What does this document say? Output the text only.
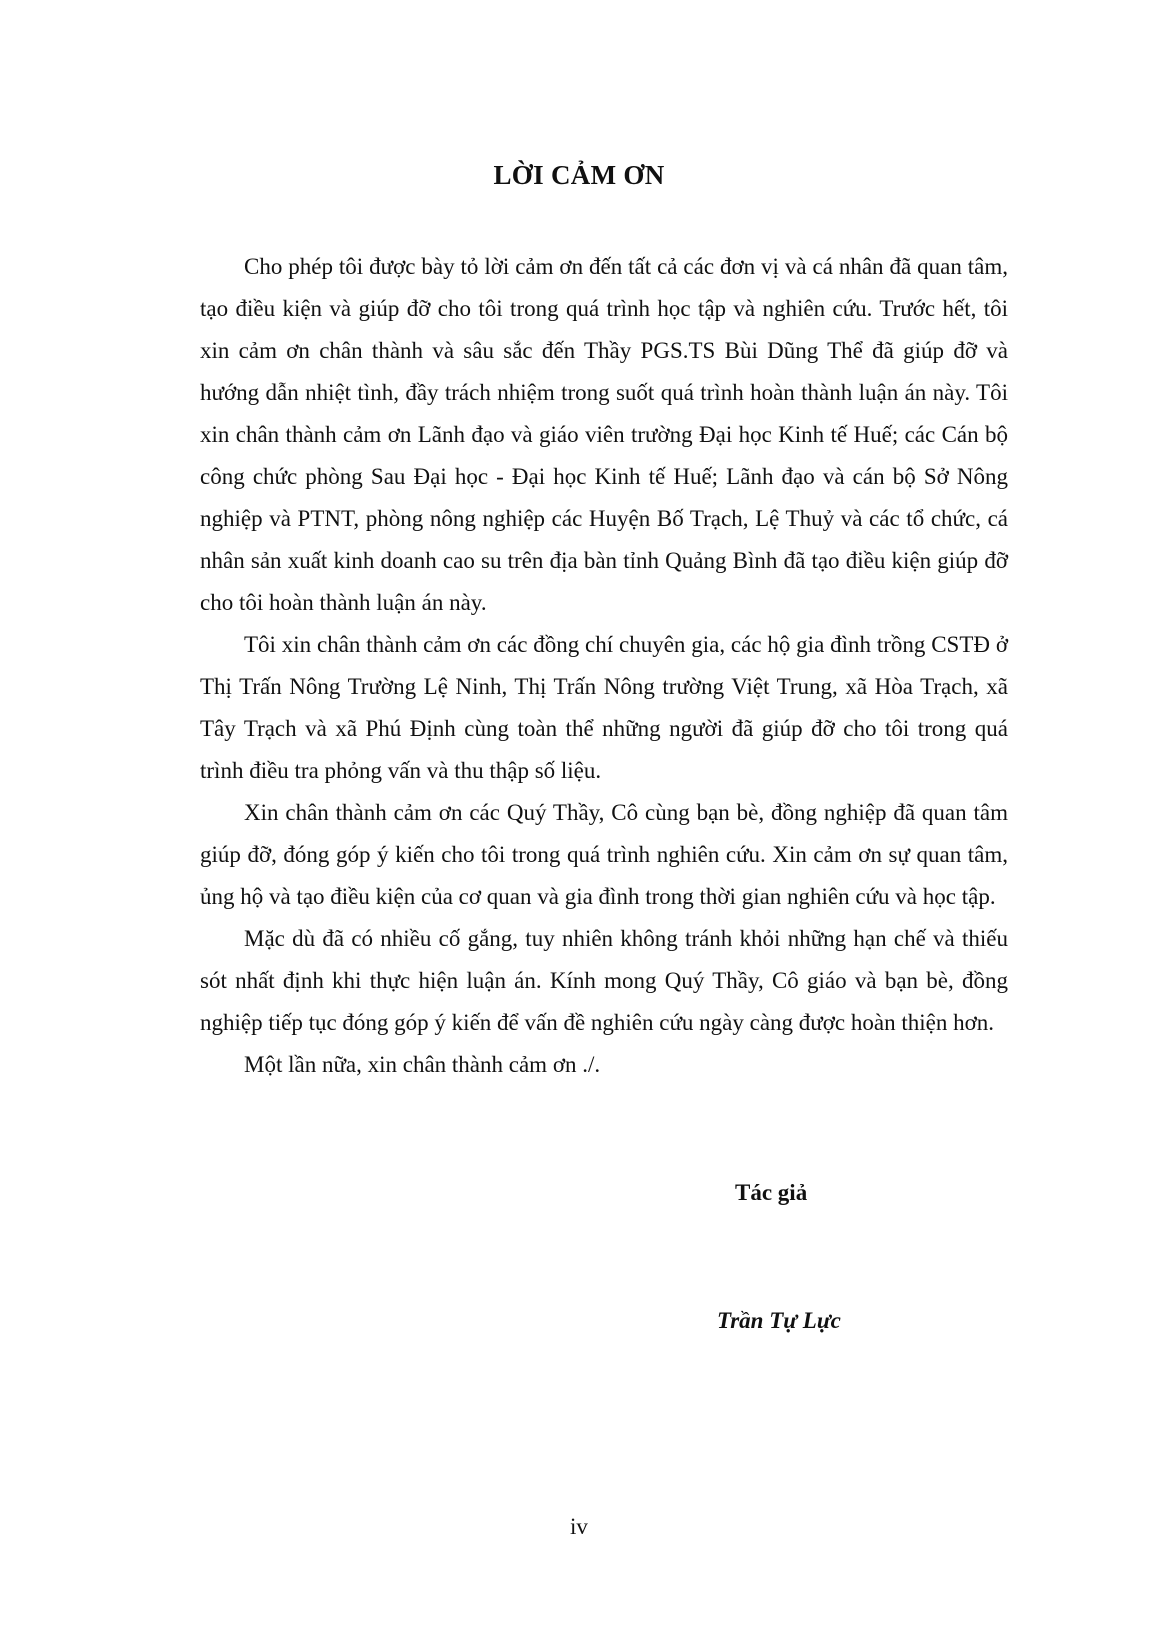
LỜI CẢM ƠN

Cho phép tôi được bày tỏ lời cảm ơn đến tất cả các đơn vị và cá nhân đã quan tâm, tạo điều kiện và giúp đỡ cho tôi trong quá trình học tập và nghiên cứu. Trước hết, tôi xin cảm ơn chân thành và sâu sắc đến Thầy PGS.TS Bùi Dũng Thể đã giúp đỡ và hướng dẫn nhiệt tình, đầy trách nhiệm trong suốt quá trình hoàn thành luận án này. Tôi xin chân thành cảm ơn Lãnh đạo và giáo viên trường Đại học Kinh tế Huế; các Cán bộ công chức phòng Sau Đại học - Đại học Kinh tế Huế; Lãnh đạo và cán bộ Sở Nông nghiệp và PTNT, phòng nông nghiệp các Huyện Bố Trạch, Lệ Thuỷ và các tổ chức, cá nhân sản xuất kinh doanh cao su trên địa bàn tỉnh Quảng Bình đã tạo điều kiện giúp đỡ cho tôi hoàn thành luận án này.

Tôi xin chân thành cảm ơn các đồng chí chuyên gia, các hộ gia đình trồng CSTĐ ở Thị Trấn Nông Trường Lệ Ninh, Thị Trấn Nông trường Việt Trung, xã Hòa Trạch, xã Tây Trạch và xã Phú Định cùng toàn thể những người đã giúp đỡ cho tôi trong quá trình điều tra phỏng vấn và thu thập số liệu.

Xin chân thành cảm ơn các Quý Thầy, Cô cùng bạn bè, đồng nghiệp đã quan tâm giúp đỡ, đóng góp ý kiến cho tôi trong quá trình nghiên cứu. Xin cảm ơn sự quan tâm, ủng hộ và tạo điều kiện của cơ quan và gia đình trong thời gian nghiên cứu và học tập.

Mặc dù đã có nhiều cố gắng, tuy nhiên không tránh khỏi những hạn chế và thiếu sót nhất định khi thực hiện luận án. Kính mong Quý Thầy, Cô giáo và bạn bè, đồng nghiệp tiếp tục đóng góp ý kiến để vấn đề nghiên cứu ngày càng được hoàn thiện hơn.

Một lần nữa, xin chân thành cảm ơn ./.

Tác giả
Trần Tự Lực
iv
